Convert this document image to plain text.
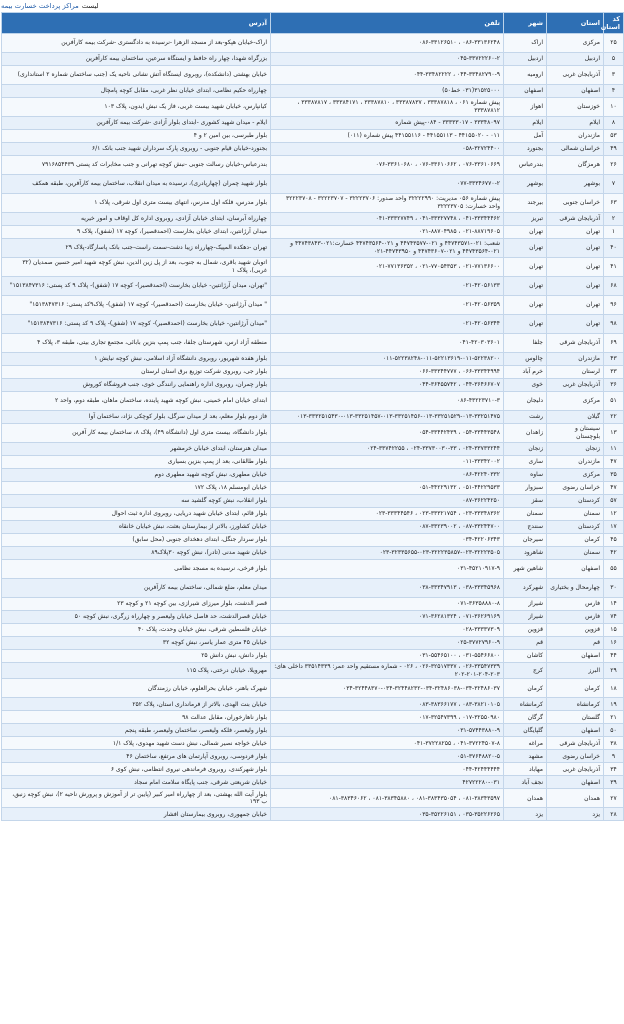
لیست
مراکز پرداخت خسارت بیمه
کد استان	استان	شهر	تلفن	آدرس
۲۵	مرکزی	اراک	۰۸۶-۳۳۱۳۶۲۴۸ ، ۰۸۶-۳۳۱۲۶۵۱۰	اراک-خیابان هپکو-بعد از مسجد الزهرا -نرسیده به دادگستری -شرکت بیمه کارآفرین
۵	اردبیل	اردبیل	۰۴۵-۳۳۷۲۲۲۶۰-۲	بزرگراه شهدا، چهار راه حافظ و ایستگاه سرعین، ساختمان بیمه کارآفرین
۳	آذربایجان غربی	ارومیه	۰۴۴-۳۳۴۸۲۷۹۰-۹ ، ۰۴۴-۳۳۴۸۲۲۲۲	خیابان بهشتی (دانشکده)، روبروی ایستگاه آتش نشانی ناحیه یک (جنب ساختمان شماره ۲ استانداری)
۴	اصفهان	اصفهان	۳۱۵۲۵۰۰۰(۰۳۱ خط۵۰)	چهارراه حکیم نظامی، ابتدای خیابان نظر غربی، مقابل کوچه پامچال
۱۰	خوزستان	اهواز	پیش شماره ۰۶۱ ، ۳۳۳۸۷۸۱۸ ، ۳۳۳۸۷۸۳۷ ، ۳۳۳۸۷۸۱۰ ، ۳۳۳۸۴۱۷۱ ، ۳۳۳۸۷۸۱۷ ، ۳۳۳۸۷۸۱۲	کیانپارس، خیابان شهید بیست غربی، فاز یک نبش ایدون، پلاک ۱۰۳
۸	ایلام	ایلام	۳۳۳۴۸۰۹۷ - ۳۳۳۳۳۰۱۷ - ۰۸۴-پیش شماره	ایلام - میدان شهید کشوری -ابتدای بلوار آزادی -شرکت بیمه کارآفرین
۵۳	مازندران	آمل	۰۱۱ - ۴۴۱۵۵۰۲۰ - ۴۴۱۵۵۱۱۳ - ۴۴۱۵۵۱۱۶ پیش شماره (۰۱۱)	بلوار طبرسی، بین امین ۲ و ۴
۴۹	خراسان شمالی	بجنورد	۰۵۸-۳۲۷۲۴۴۰۰	بجنورد-خیابان قیام جنوبی - روبروی پارک سرداران شهید جنب بانک ۶/۱
۲۶	هرمزگان	بندرعباس	۰۷۶-۳۳۶۱۰۶۶۹ ، ۰۷۶-۳۳۶۱۰۶۶۲ ، ۰۷۶-۳۳۶۱۰۶۸۰	بندرعباس-خیابان رسالت جنوبی -نبش کوچه تهرانی و جنب مخابرات کد پستی ۷۹۱۶۸۵۴۴۳۹
۷	بوشهر	بوشهر	۰۷۷-۳۳۳۴۶۷۷۰-۲	بلوار شهید چمران (چهارپادری)، نرسیده به میدان انقلاب، ساختمان بیمه کارآفرین، طبقه همکف
۶۳	خراسان جنوبی	بیرجند	پیش شماره ۰۵۶ مدیریت: ۳۲۲۲۲۹۹۰ واحد صدور: ۳۲۲۲۳۷۰۶ - ۳۲۲۲۳۷۰۷ - ۳۲۲۲۳۷۰۸ واحد خسارت: ۳۲۲۲۳۷۰۵	بلوار مدرس، فلکه اول مدرس، انتهای بیست متری اول شرقی، پلاک ۱
۲	آذربایجان شرقی	تبریز	۰۴۱-۳۳۳۴۴۴۶۲ ، ۰۴۱-۳۳۳۲۷۷۴۸ ، ۰۴۱-۳۳۳۲۷۷۴۹	چهارراه آبرسان، ابتدای خیابان آزادی، روبروی اداره کل اوقاف و امور خیریه
۱	تهران	تهران	۰۲۱-۸۸۷۱۹۶۰۵ ، ۰۲۱-۸۸۷۰۴۹۸۵	میدان آرژانتین، ابتدای خیابان بخارست (احمدقصیر)، کوچه ۱۷ (شفق)، پلاک ۹
۴۰	تهران	تهران	شعب: ۰۲۱-۴۴۷۴۳۵۷۱ و ۰۲۱-۴۴۷۴۳۵۷۷ و ۰۲۱-۴۴۷۴۳۵۶۴ خسارت:۰۲۱-۴۴۷۴۳۸۴۳ و ۰۲۱-۴۴۷۴۳۵۶۴ و ۰۲۱-۴۴۷۴۳۶۰۷ و ۴۴۷۴۳۹۵۰-۰۲۱	تهران -دهکده المپیک-چهارراه زیبا دشت-سمت راست-جنب بانک پاسارگاد-پلاک ۲۹
۴۱	تهران	تهران	۰۲۱-۷۷۱۳۶۶۰۰ ، ۰۲۱-۷۷۰۵۴۳۵۳ ، ۰۲۱-۷۷۱۳۶۳۵۲	اتوبان شهید باقری، شمال به جنوب، بعد از پل زین الدین، نبش کوچه شهید امیر حسین صمدیان (۳۲ غربی)، پلاک ۱
۶۸	تهران	تهران	۰۲۱-۴۲۰۵۶۱۳۳	"تهران، میدان آرژانتین- خیابان بخارست (احمدقصیر)- کوچه ۱۷ (شفق)- پلاک ۹ کد پستی: ۱۵۱۳۸۴۷۳۱۶"
۹۶	تهران	تهران	۰۲۱-۴۲۰۵۶۳۵۹	" میدان آرژانتین- خیابان بخارست (احمدقصیر)- کوچه ۱۷ (شفق)- پلاک۹کد پستی: ۱۵۱۳۸۴۷۳۱۶"
۹۸	تهران	تهران	۰۲۱-۴۲۰۵۶۳۴۴	"میدان آرژانتین- خیابان بخارست (احمدقصیر)- کوچه ۱۷ (شفق)- پلاک ۹ کد پستی: ۱۵۱۳۸۴۷۳۱۶"
۶۹	آذربایجان شرقی	جلفا	۰۴۱-۴۲۰۳۰۳۶۰۱	منطقه آزاد ارس، شهرستان جلفا، جنب پمپ بنزین بابائی، مجتمع تجاری بیتی، طبقه ۳، پلاک ۴
۴۳	مازندران	چالوس	۰۱۱-۵۲۲۳۸۲۴۸-۰۱۱-۵۲۲۱۳۶۱۹-۰۱۱-۵۲۲۳۸۲۰۰	بلوار هفده شهریور، روبروی دانشگاه آزاد اسلامی، نبش کوچه نیایش ۱
۳۳	لرستان	خرم آباد	۰۶۶-۳۳۳۴۴۹۹۴ ، ۰۶۶-۳۳۳۴۴۷۷۷	بلوار جی، روبروی شرکت توزیع برق استان لرستان
۳۶	آذربایجان غربی	خوی	۰۴۴-۳۶۴۶۶۷۰۷ ، ۰۴۴-۳۶۴۵۵۷۴۲	بلوار چمران، روبروی اداره راهنمایی رانندگی خوی، جنب فروشگاه کوروش
۵۱	مرکزی	دلیجان	۰۸۶-۴۳۲۲۳۷۱۰-۳	ابتدای خیابان امام خمینی، نبش کوچه شهید پاینده، ساختمان ماهان، طبقه دوم، واحد ۲
۲۲	گیلان	رشت	۰۱۳-۳۳۳۲۵۱۵۴۳۰-۰۱۳-۳۳۲۵۱۴۵۷-۰۱۳-۳۳۲۵۱۴۵۶-۰۱۳-۳۳۲۵۱۵۲۹-۰۱۳-۳۳۲۵۱۴۷۵	فاز دوم بلوار معلم، بعد از میدان سرگل، بلوار کوچکی نژاد، ساختمان آوا
۱۳	سیستان و بلوچستان	زاهدان	۰۵۴-۳۳۴۴۳۵۴۸ ، ۰۵۴-۳۳۴۴۲۴۳۹	بلوار دانشگاه، بیست متری اول (دانشگاه ۴۹)، پلاک ۸، ساختمان بیمه کار آفرین
۱۱	زنجان	زنجان	۰۲۴-۳۳۷۳۳۲۴۴ ، ۰۲۴-۳۳۷۳۰۰۳۰-۳۳ ، ۰۲۴-۳۳۷۴۲۲۵۵	میدان هنرستان، ابتدای خیابان خرمشهر
۴۷	مازندران	ساری	۰۱۱-۳۳۳۴۲۰۰۲	بلوار طالقانی، بعد از پمپ بنزین بسیاری
۳۵	مرکزی	ساوه	۰۸۶-۴۲۲۴۰۳۳۲	خیابان مطهری، نبش کوچه شهید مطهری دوم
۴۷	خراسان رضوی	سبزوار	۰۵۱-۴۴۲۲۹۵۳۳ ، ۰۵۱-۴۴۲۲۹۱۳۲	خیابان ابومسلم ۱۸، پلاک ۱۷۲
۵۷	کردستان	سقز	۰۸۷-۳۶۲۲۴۲۵۰	بلوار انقلاب، نبش کوچه گلشید سه
۱۲	سمنان	سمنان	۰۲۳-۳۳۳۴۸۳۶۲ ، ۰۲۳-۳۳۳۲۱۷۵۴ ، ۰۲۳-۳۳۳۴۴۵۴۶	بلوار قائم، ابتدای خیابان شهید دریایی، روبروی اداره ثبت احوال
۱۷	کردستان	سنندج	۰۸۷-۳۳۲۴۴۷۰۰ ، ۰۸۷-۳۳۲۳۹۰۰۲	خیابان کشاورز، بالاتر از بیمارستان بعثت، نبش خیابان خانقاه
۴۵	کرمان	سیرجان	۰۳۴-۴۲۲۰۶۳۴۳	بلوار سردار جنگل، ابتدای دهخدای جنوبی (محل سابق)
۴۲	سمنان	شاهرود	۰۲۳-۳۲۳۳۵۶۵۵-۰۲۳-۳۲۲۲۳۵۸۵۷-۰۲۳-۳۲۲۲۳۵۰۵	خیابان شهید مدنی (تادر)، نبش کوچه ۳۰پلاک۸۹
۵۵	اصفهان	شاهین شهر	۰۳۱-۴۵۲۱۰۹۱۷-۹	بلوار فرخی، نرسیده به مسجد نظامی
۳۰	چهارمحال و بختیاری	شهرکرد	۰۳۸-۳۳۳۴۵۹۶۸ ، ۰۳۸-۳۳۳۴۷۹۱۳	میدان معلم، ضلع شمالی، ساختمان بیمه کارآفرین
۱۴	فارس	شیراز	۰۷۱-۳۶۳۵۸۸۸۰-۸	قصر الدشت، بلوار میرزای شیرازی، بین کوچه ۲۱ و کوچه ۲۳
۷۴	فارس	شیراز	۰۷۱-۳۶۲۶۹۱۶۹ ، ۰۷۱-۳۶۲۸۱۳۲۴	خیابان قصرالدشت، حد فاصل خیابان ولیعصر و چهارراه زرگری، نبش کوچه ۵۰
۱۵	قزوین	قزوین	۰۲۸-۳۳۳۳۷۳۰۹	خیابان فلسطین شرقی، نبش خیابان وحدت، پلاک ۴۰
۱۶	قم	قم	۰۲۵-۳۷۷۲۷۹۶۰-۹	خیابان ۴۵ متری عمار یاسر، نبش کوچه ۳۲
۴۴	اصفهان	کاشان	۰۳۱-۵۵۴۶۶۸۰۰ ، ۰۳۱-۵۵۴۶۵۱۰۰	بلوار دانش، نبش دانش ۲۵
۲۹	البرز	کرج	۰۲۶-۳۳۵۴۷۳۳۹ ، ۰۲۶-۳۲۵۱۷۳۳۷ ، ۰۲۶ - شماره مستقیم واحد عمر: ۳۳۵۱۴۳۳۹ داخلی های: ۲۰۳-۲۰۴-۲۰۱-۲۰۲	مهرویلا، خیابان درختی، پلاک ۱۱۵
۱۸	کرمان	کرمان	۰۳۴-۳۲۴۴۸۳۷۰-۰۳۴-۳۲۴۴۸۲۳۲-۰۳۴-۳۲۴۸۶۰۳۸-۰۳۴-۳۲۴۸۶۰۳۷	شهرک باهنر، خیابان بحرالعلوم، خیابان رزمندگان
۱۹	کرمانشاه	کرمانشاه	۰۸۳-۳۸۲۱۰۱۰۵ ، ۰۸۳-۳۸۳۶۶۱۷۷	خیابان بنت الهدی، بالاتر از فرمانداری استان، پلاک ۲۵۲
۲۱	گلستان	گرگان	۰۱۷-۳۲۵۵۰۹۸۰ ، ۰۱۷-۳۲۵۴۷۳۹۹	بلوار ناهارخوران، مقابل عدالت ۹۸
۵۰	اصفهان	گلپایگان	۰۳۱-۵۷۴۴۳۸۸۰-۹	بلوار ولیعصر، فلکه ولیعصر، ساختمان ولیعصر، طبقه پنجم
۳۸	آذربایجان شرقی	مراغه	۰۴۱-۳۷۲۲۴۵۰۷-۸ ، ۰۴۱-۳۷۲۲۸۲۵۵	خیابان خواجه نصیر شمالی، نبش دست شهید مهدوی، پلاک ۱/۱
۹	خراسان رضوی	مشهد	۰۵۱-۳۷۶۴۸۸۲۰-۵	بلوار فردوسی، روبروی آپارتمان های مرتفع، ساختمان ۴۶
۳۴	آذربایجان غربی	مهاباد	۰۴۴-۴۲۴۴۴۴۴۴	بلوار شهرکندی، روبروی فرماندهی نیروی انتظامی، نبش کوی ۶
۳۹	اصفهان	نجف آباد	۴۲۷۲۲۲۸۰-۰۳۱	خیابان شریعتی شرقی، جنب پایگاه سلامت امام سجاد
۲۷	همدان	همدان	۰۸۱-۳۸۳۴۳۵۹۷ ، ۰۸۱-۳۸۳۴۳۵۰۵۴ ، ۰۸۱-۳۸۳۴۵۸۸۰ ، ۰۸۱-۳۸۳۴۶۰۶۲	بلوار آیت الله بهشتی، بعد از چهارراه امیر کبیر (پایین تر از آموزش و پرورش ناحیه ۲)، نبش کوچه زنبق، ب ۱۹۳
۲۸	یزد	یزد	۰۳۵-۳۵۲۲۶۲۶۵ ، ۰۳۵-۳۵۲۲۶۱۵۱	خیابان جمهوری، روبروی بیمارستان افشار
